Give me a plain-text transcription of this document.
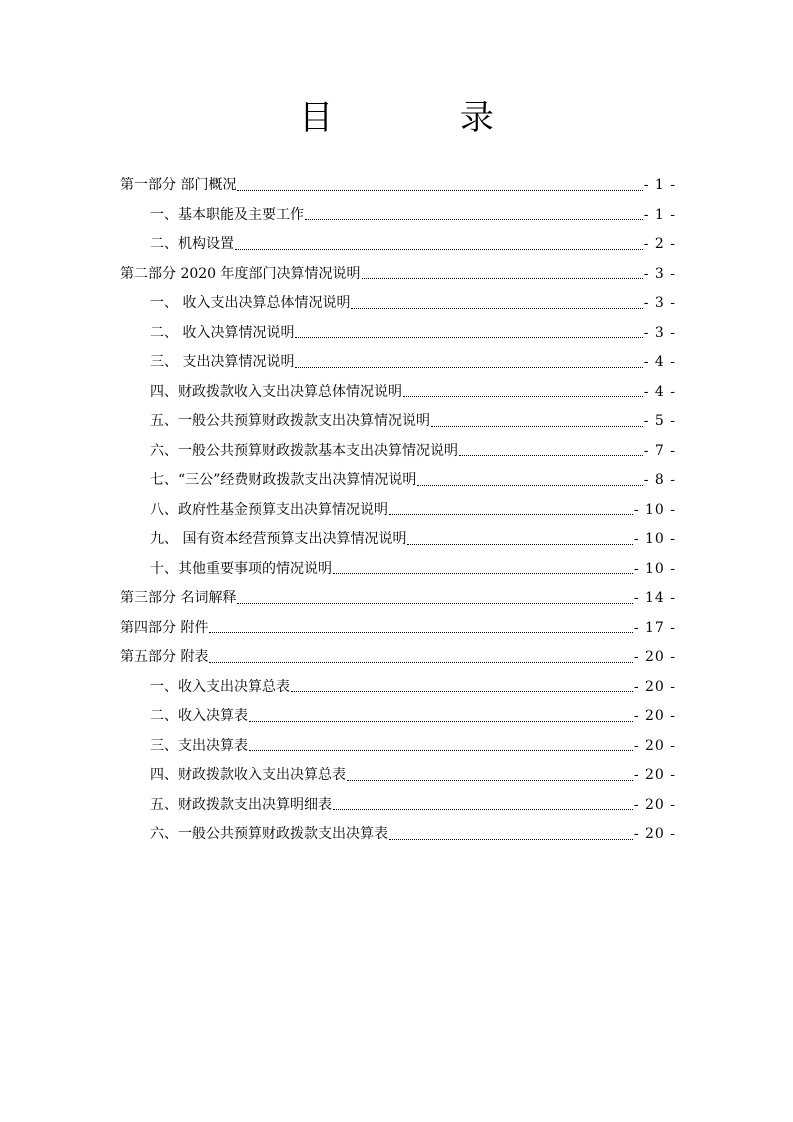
目 录
第一部分 部门概况	- 1 -
一、基本职能及主要工作	- 1 -
二、机构设置	- 2 -
第二部分 2020 年度部门决算情况说明	- 3 -
一、 收入支出决算总体情况说明	- 3 -
二、 收入决算情况说明	- 3 -
三、 支出决算情况说明	- 4 -
四、财政拨款收入支出决算总体情况说明	- 4 -
五、一般公共预算财政拨款支出决算情况说明	- 5 -
六、一般公共预算财政拨款基本支出决算情况说明	- 7 -
七、“三公”经费财政拨款支出决算情况说明	- 8 -
八、政府性基金预算支出决算情况说明	- 10 -
九、 国有资本经营预算支出决算情况说明	- 10 -
十、其他重要事项的情况说明	- 10 -
第三部分 名词解释	- 14 -
第四部分 附件	- 17 -
第五部分 附表	- 20 -
一、收入支出决算总表	- 20 -
二、收入决算表	- 20 -
三、支出决算表	- 20 -
四、财政拨款收入支出决算总表	- 20 -
五、财政拨款支出决算明细表	- 20 -
六、一般公共预算财政拨款支出决算表	- 20 -
